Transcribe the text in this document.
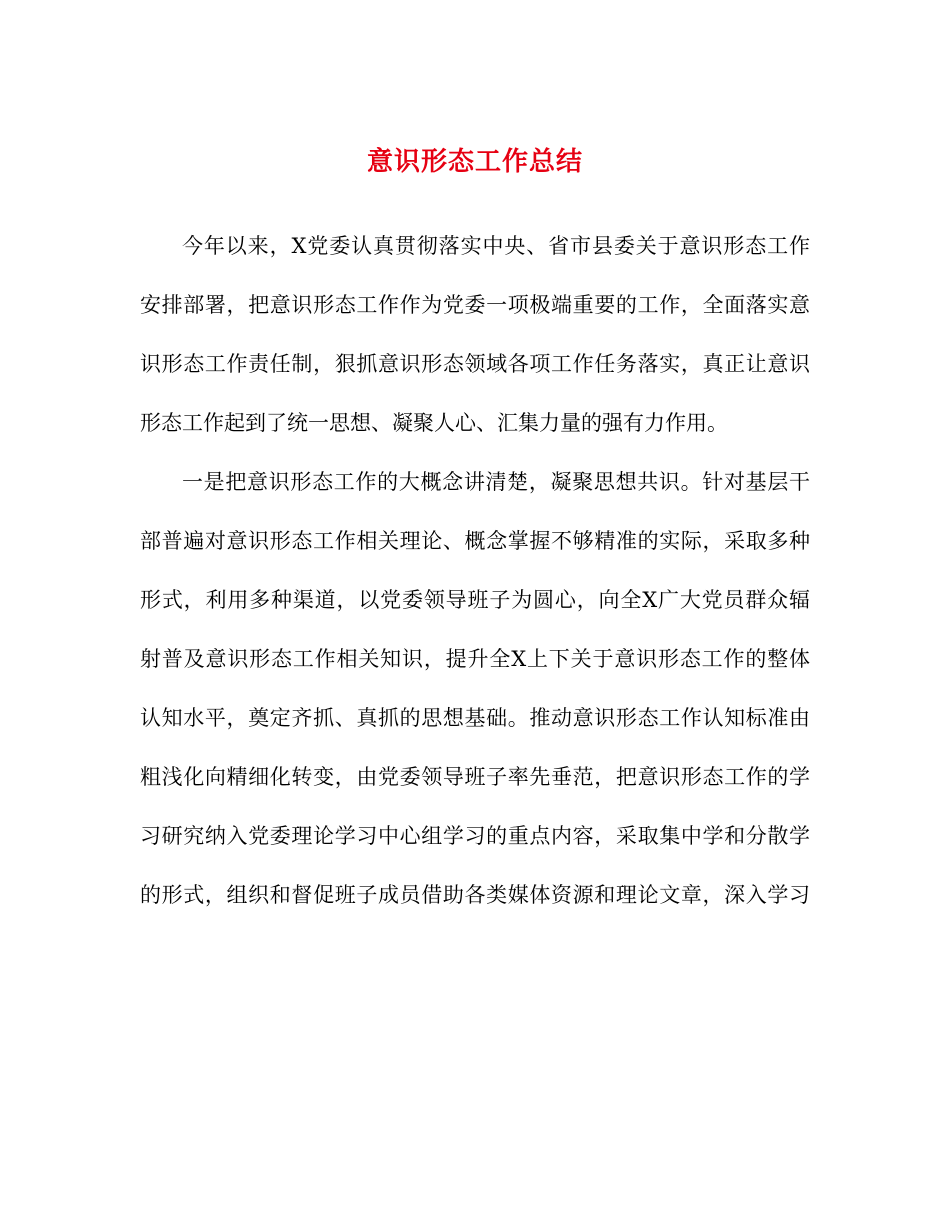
意识形态工作总结
今年以来，X党委认真贯彻落实中央、省市县委关于意识形态工作
安排部署，把意识形态工作作为党委一项极端重要的工作，全面落实意
识形态工作责任制，狠抓意识形态领域各项工作任务落实，真正让意识
形态工作起到了统一思想、凝聚人心、汇集力量的强有力作用。
一是把意识形态工作的大概念讲清楚，凝聚思想共识。针对基层干
部普遍对意识形态工作相关理论、概念掌握不够精准的实际，采取多种
形式，利用多种渠道，以党委领导班子为圆心，向全X广大党员群众辐
射普及意识形态工作相关知识，提升全X上下关于意识形态工作的整体
认知水平，奠定齐抓、真抓的思想基础。推动意识形态工作认知标准由
粗浅化向精细化转变，由党委领导班子率先垂范，把意识形态工作的学
习研究纳入党委理论学习中心组学习的重点内容，采取集中学和分散学
的形式，组织和督促班子成员借助各类媒体资源和理论文章，深入学习
